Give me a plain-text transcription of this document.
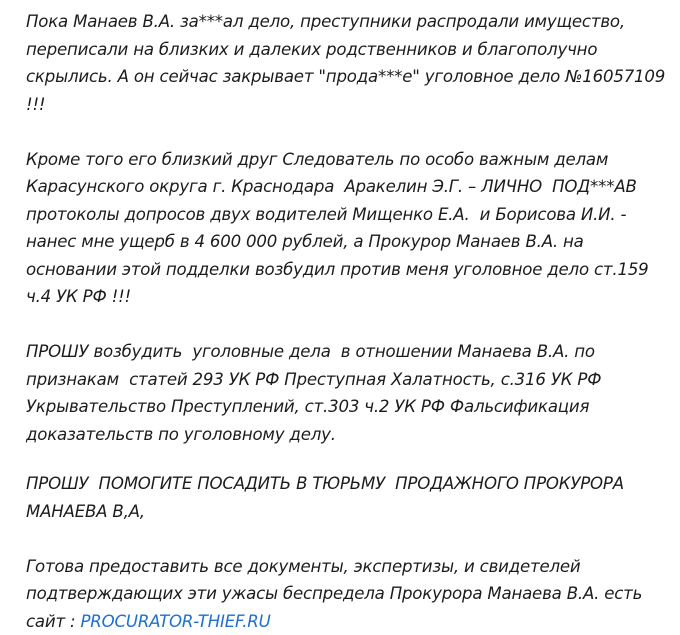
Пока Манаев В.А. за***ал дело, преступники распродали имущество,
переписали на близких и далеких родственников и благополучно
скрылись. А он сейчас закрывает "прода***е" уголовное дело №16057109
!!!

Кроме того его близкий друг Следователь по особо важным делам
Карасунского округа г. Краснодара  Аракелин Э.Г. – ЛИЧНО  ПОД***АВ
протоколы допросов двух водителей Мищенко Е.А.  и Борисова И.И. -
нанес мне ущерб в 4 600 000 рублей, а Прокурор Манаев В.А. на
основании этой подделки возбудил против меня уголовное дело ст.159
ч.4 УК РФ !!!

ПРОШУ возбудить  уголовные дела  в отношении Манаева В.А. по
признакам  статей 293 УК РФ Преступная Халатность, с.316 УК РФ
Укрывательство Преступлений, ст.303 ч.2 УК РФ Фальсификация
доказательств по уголовному делу.

ПРОШУ  ПОМОГИТЕ ПОСАДИТЬ В ТЮРЬМУ  ПРОДАЖНОГО ПРОКУРОРА
МАНАЕВА В,А,

Готова предоставить все документы, экспертизы, и свидетелей
подтверждающих эти ужасы беспредела Прокурора Манаева В.А. есть
сайт : PROCURATOR-THIEF.RU
